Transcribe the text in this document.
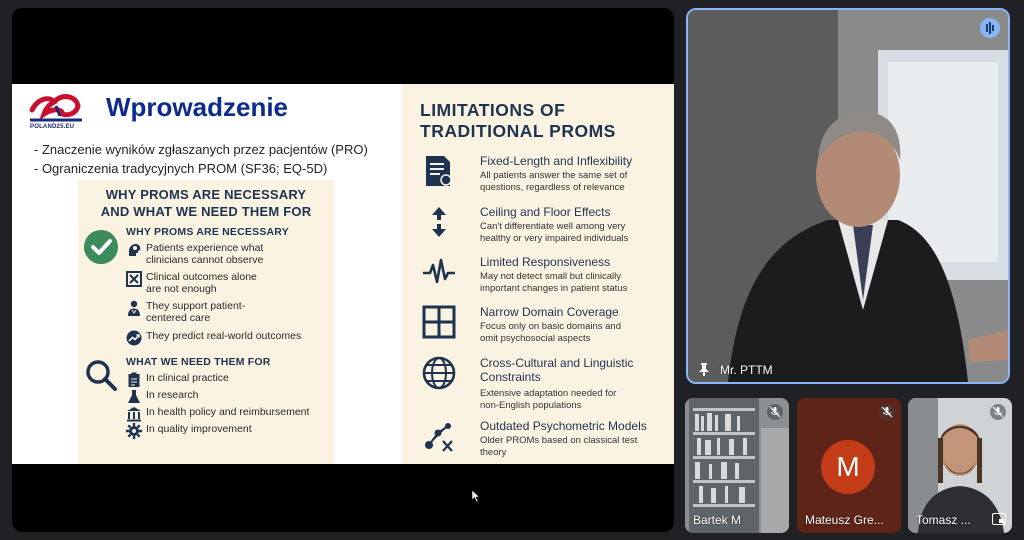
POLAND25.EU
Wprowadzenie
- Znaczenie wyników zgłaszanych przez pacjentów (PRO)
- Ograniczenia tradycyjnych PROM (SF36; EQ-5D)
WHY PROMS ARE NECESSARY
AND WHAT WE NEED THEM FOR
WHY PROMS ARE NECESSARY
Patients experience what
clinicians cannot observe
Clinical outcomes alone
are not enough
They support patient-
centered care
They predict real-world outcomes
WHAT WE NEED THEM FOR
In clinical practice
In research
In health policy and reimbursement
In quality improvement
LIMITATIONS OF
TRADITIONAL PROMS
Fixed-Length and Inflexibility
All patients answer the same set of
questions, regardless of relevance
Ceiling and Floor Effects
Can't differentiate well among very
healthy or very impaired individuals
Limited Responsiveness
May not detect small but clinically
important changes in patient status
Narrow Domain Coverage
Focus only on basic domains and
omit psychosocial aspects
Cross-Cultural and Linguistic
Constraints
Extensive adaptation needed for
non-English populations
Outdated Psychometric Models
Older PROMs based on classical test
theory
Mr. PTTM
Bartek M
M
Mateusz Gre...	Tomasz ...
